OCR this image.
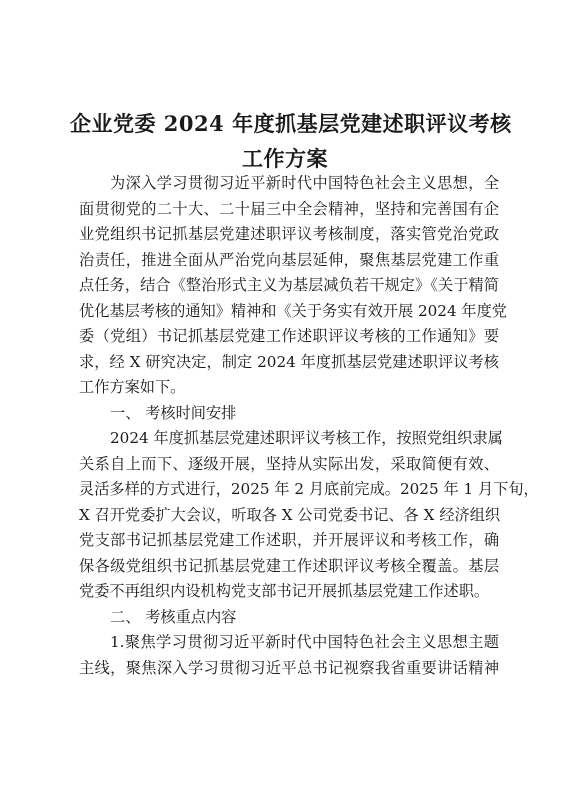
企业党委 2024 年度抓基层党建述职评议考核
工作方案
为深入学习贯彻习近平新时代中国特色社会主义思想，全
面贯彻党的二十大、二十届三中全会精神，坚持和完善国有企
业党组织书记抓基层党建述职评议考核制度，落实管党治党政
治责任，推进全面从严治党向基层延伸，聚焦基层党建工作重
点任务，结合《整治形式主义为基层减负若干规定》《关于精简
优化基层考核的通知》精神和《关于务实有效开展 2024 年度党
委（党组）书记抓基层党建工作述职评议考核的工作通知》要
求，经 X 研究决定，制定 2024 年度抓基层党建述职评议考核
工作方案如下。
一、 考核时间安排
2024 年度抓基层党建述职评议考核工作，按照党组织隶属
关系自上而下、逐级开展，坚持从实际出发，采取简便有效、
灵活多样的方式进行，2025 年 2 月底前完成。2025 年 1 月下旬，
X 召开党委扩大会议，听取各 X 公司党委书记、各 X 经济组织
党支部书记抓基层党建工作述职，并开展评议和考核工作，确
保各级党组织书记抓基层党建工作述职评议考核全覆盖。基层
党委不再组织内设机构党支部书记开展抓基层党建工作述职。
二、 考核重点内容
1.聚焦学习贯彻习近平新时代中国特色社会主义思想主题
主线，聚焦深入学习贯彻习近平总书记视察我省重要讲话精神
